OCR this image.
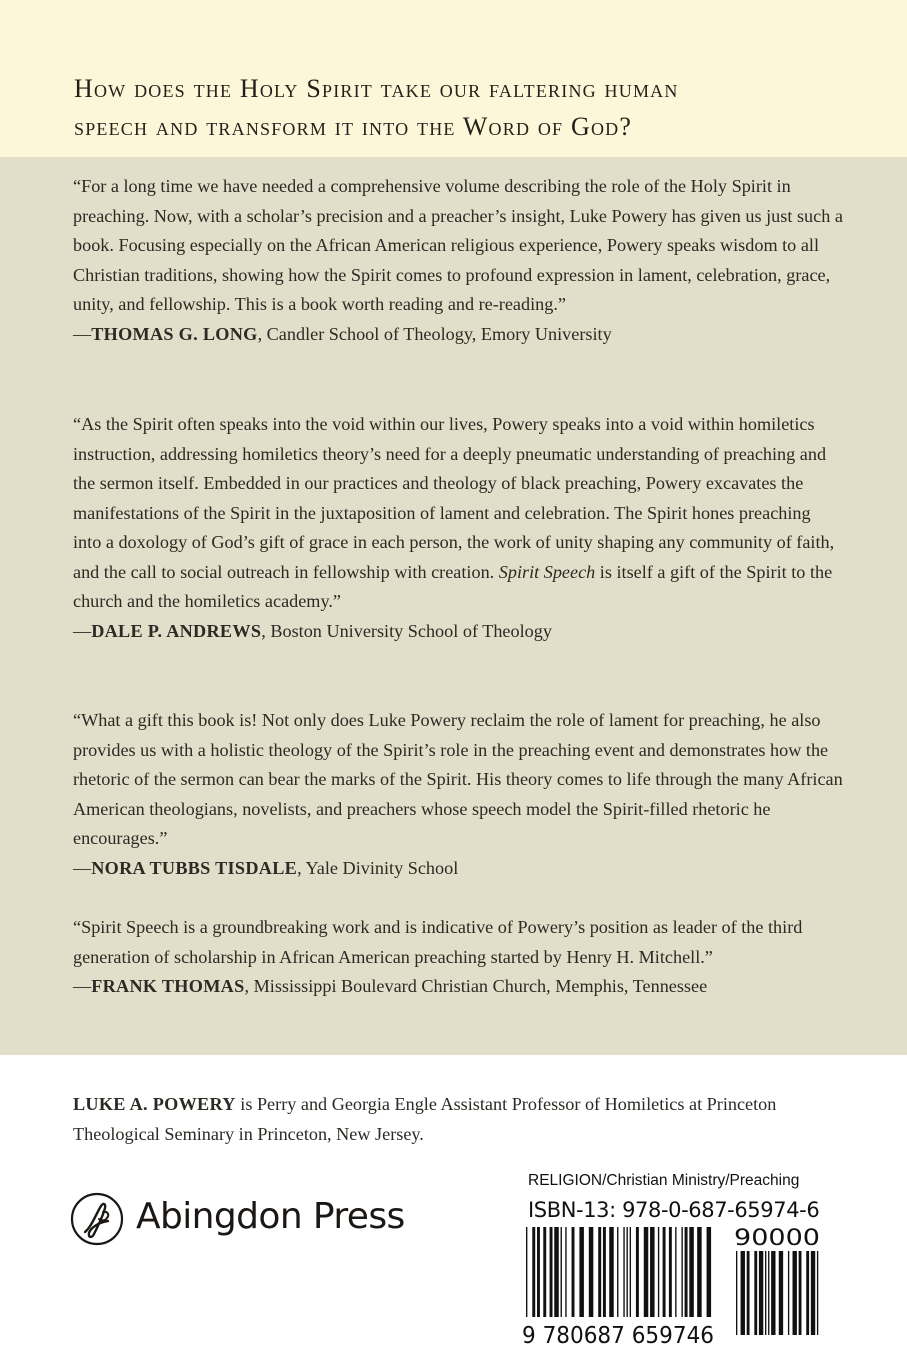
How does the Holy Spirit take our faltering human
speech and transform it into the Word of God?

“For a long time we have needed a comprehensive volume describing the role of the Holy Spirit in preaching. Now, with a scholar’s precision and a preacher’s insight, Luke Powery has given us just such a book. Focusing especially on the African American religious experience, Powery speaks wisdom to all Christian traditions, showing how the Spirit comes to profound expression in lament, celebration, grace, unity, and fellowship. This is a book worth reading and re-reading.”

—THOMAS G. LONG, Candler School of Theology, Emory University

“As the Spirit often speaks into the void within our lives, Powery speaks into a void within homiletics instruction, addressing homiletics theory’s need for a deeply pneumatic understanding of preaching and the sermon itself. Embedded in our practices and theology of black preaching, Powery excavates the manifestations of the Spirit in the juxtaposition of lament and celebration. The Spirit hones preaching into a doxology of God’s gift of grace in each person, the work of unity shaping any community of faith, and the call to social outreach in fellowship with creation. Spirit Speech is itself a gift of the Spirit to the church and the homiletics academy.”

—DALE P. ANDREWS, Boston University School of Theology

“What a gift this book is! Not only does Luke Powery reclaim the role of lament for preaching, he also provides us with a holistic theology of the Spirit’s role in the preaching event and demonstrates how the rhetoric of the sermon can bear the marks of the Spirit. His theory comes to life through the many African American theologians, novelists, and preachers whose speech model the Spirit-filled rhetoric he encourages.”

—NORA TUBBS TISDALE, Yale Divinity School

“Spirit Speech is a groundbreaking work and is indicative of Powery’s position as leader of the third generation of scholarship in African American preaching started by Henry H. Mitchell.”

—FRANK THOMAS, Mississippi Boulevard Christian Church, Memphis, Tennessee

LUKE A. POWERY is Perry and Georgia Engle Assistant Professor of Homiletics at Princeton Theological Seminary in Princeton, New Jersey.

Abingdon Press
RELIGION/Christian Ministry/Preaching
ISBN-13: 978-0-687-65974-6
9 780687 659746
90000
